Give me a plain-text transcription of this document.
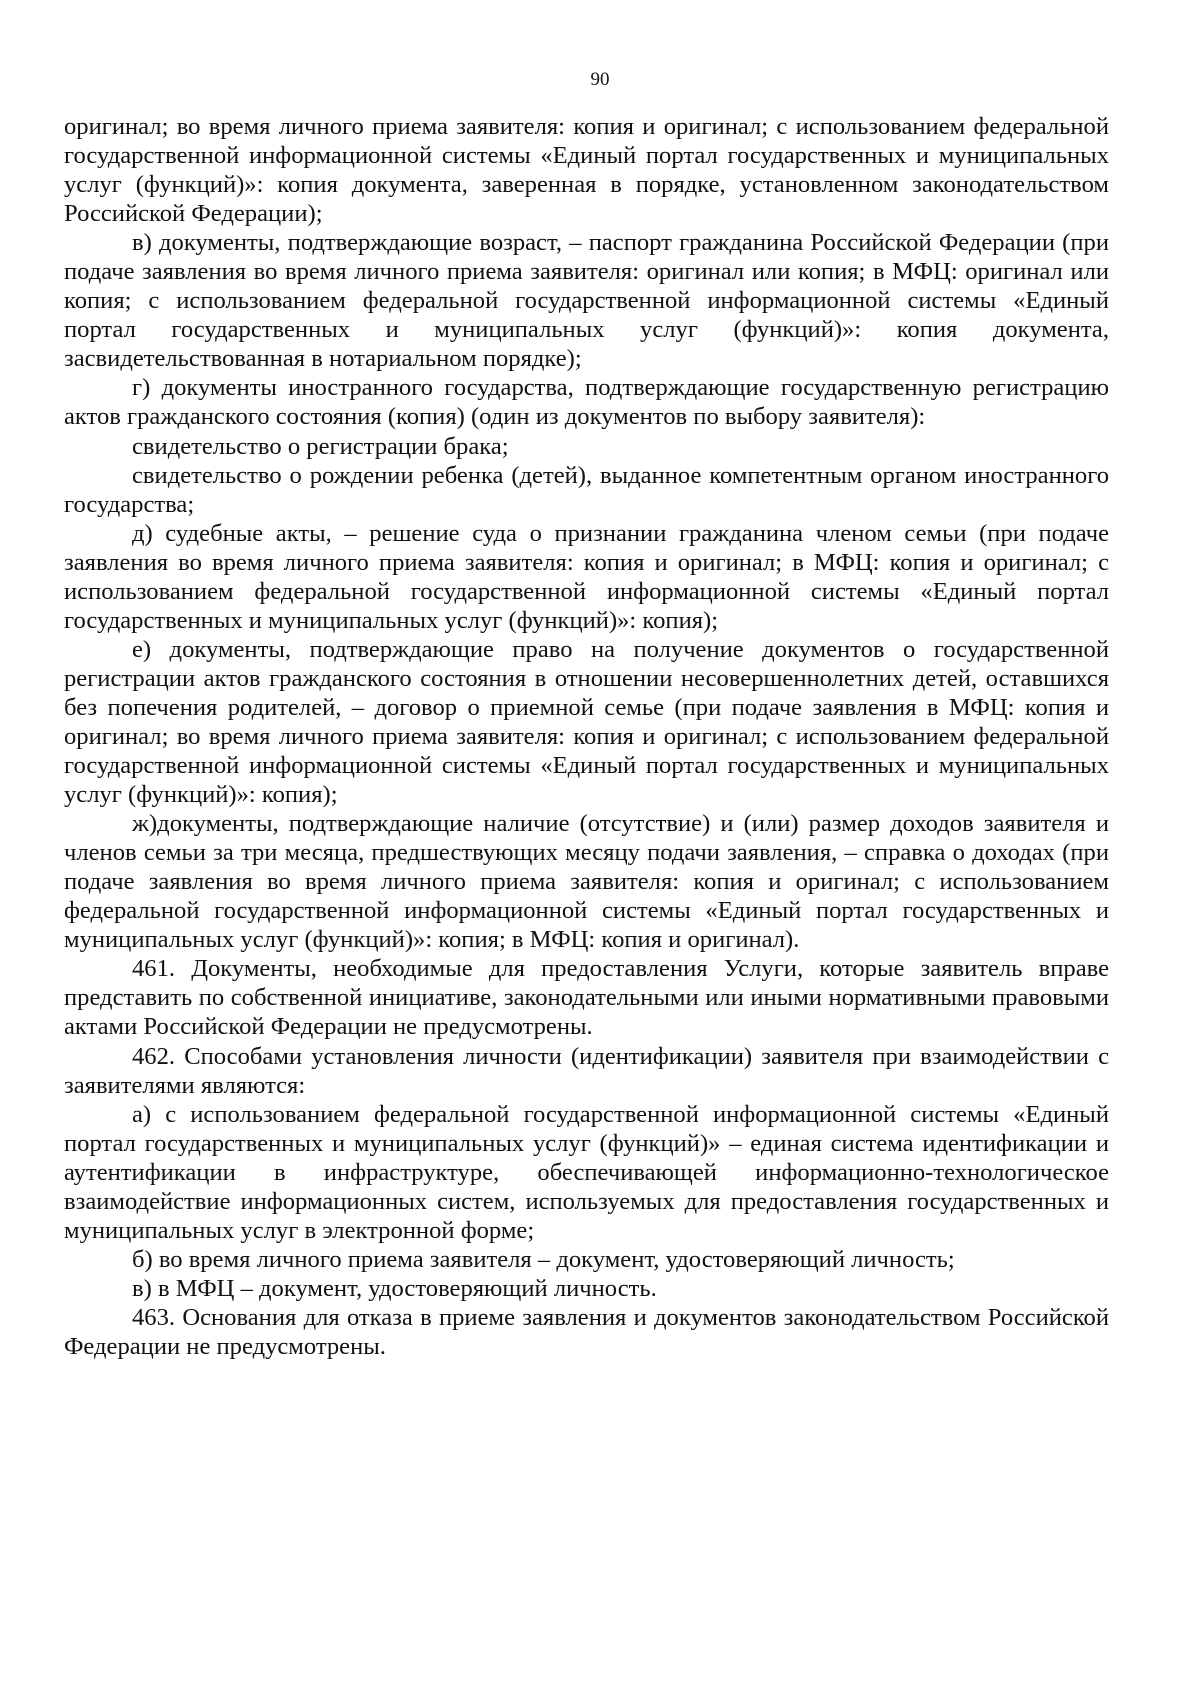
90

оригинал; во время личного приема заявителя: копия и оригинал; с использованием федеральной государственной информационной системы «Единый портал государственных и муниципальных услуг (функций)»: копия документа, заверенная в порядке, установленном законодательством Российской Федерации);

в) документы, подтверждающие возраст, – паспорт гражданина Российской Федерации (при подаче заявления во время личного приема заявителя: оригинал или копия; в МФЦ: оригинал или копия; с использованием федеральной государственной информационной системы «Единый портал государственных и муниципальных услуг (функций)»: копия документа, засвидетельствованная в нотариальном порядке);

г) документы иностранного государства, подтверждающие государственную регистрацию актов гражданского состояния (копия) (один из документов по выбору заявителя):

свидетельство о регистрации брака;

свидетельство о рождении ребенка (детей), выданное компетентным органом иностранного государства;

д) судебные акты, – решение суда о признании гражданина членом семьи (при подаче заявления во время личного приема заявителя: копия и оригинал; в МФЦ: копия и оригинал; с использованием федеральной государственной информационной системы «Единый портал государственных и муниципальных услуг (функций)»: копия);

е) документы, подтверждающие право на получение документов о государственной регистрации актов гражданского состояния в отношении несовершеннолетних детей, оставшихся без попечения родителей, – договор о приемной семье (при подаче заявления в МФЦ: копия и оригинал; во время личного приема заявителя: копия и оригинал; с использованием федеральной государственной информационной системы «Единый портал государственных и муниципальных услуг (функций)»: копия);

ж)документы, подтверждающие наличие (отсутствие) и (или) размер доходов заявителя и членов семьи за три месяца, предшествующих месяцу подачи заявления, – справка о доходах (при подаче заявления во время личного приема заявителя: копия и оригинал; с использованием федеральной государственной информационной системы «Единый портал государственных и муниципальных услуг (функций)»: копия; в МФЦ: копия и оригинал).

461. Документы, необходимые для предоставления Услуги, которые заявитель вправе представить по собственной инициативе, законодательными или иными нормативными правовыми актами Российской Федерации не предусмотрены.

462. Способами установления личности (идентификации) заявителя при взаимодействии с заявителями являются:

а) с использованием федеральной государственной информационной системы «Единый портал государственных и муниципальных услуг (функций)» – единая система идентификации и аутентификации в инфраструктуре, обеспечивающей информационно-технологическое взаимодействие информационных систем, используемых для предоставления государственных и муниципальных услуг в электронной форме;

б) во время личного приема заявителя – документ, удостоверяющий личность;

в) в МФЦ – документ, удостоверяющий личность.

463. Основания для отказа в приеме заявления и документов законодательством Российской Федерации не предусмотрены.
